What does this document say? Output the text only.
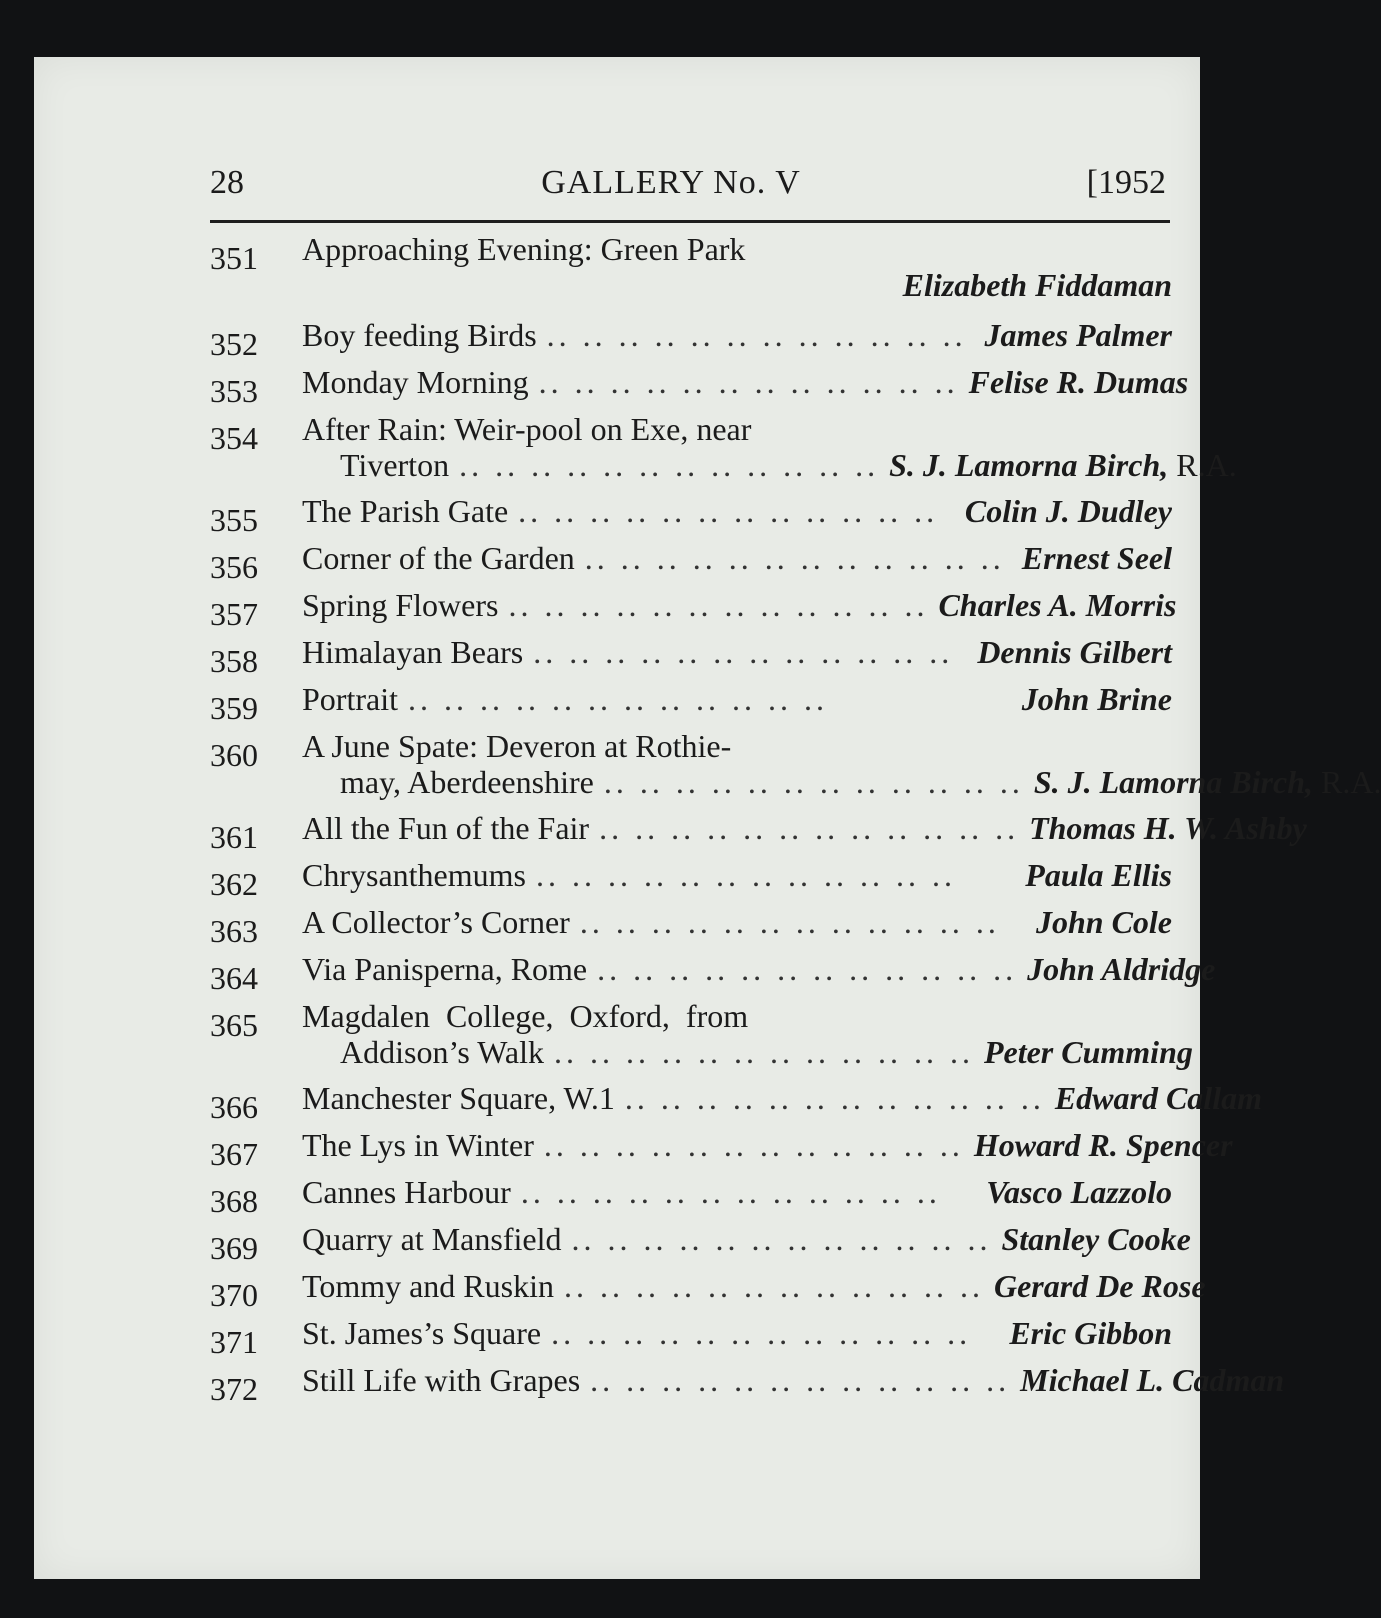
28	GALLERY No. V	[1952
351 Approaching Evening: Green Park
Elizabeth Fiddaman
352 Boy feeding Birds .. .. .. .. .. .. .. .. .. .. .. .. James Palmer
353 Monday Morning .. .. .. .. .. .. .. .. .. .. .. .. Felise R. Dumas
354 After Rain: Weir-pool on Exe, near
Tiverton .. .. .. .. .. .. .. .. .. .. .. .. S. J. Lamorna Birch, R.A.
355 The Parish Gate .. .. .. .. .. .. .. .. .. .. .. .. Colin J. Dudley
356 Corner of the Garden .. .. .. .. .. .. .. .. .. .. .. .. Ernest Seel
357 Spring Flowers .. .. .. .. .. .. .. .. .. .. .. .. Charles A. Morris
358 Himalayan Bears .. .. .. .. .. .. .. .. .. .. .. .. Dennis Gilbert
359 Portrait .. .. .. .. .. .. .. .. .. .. .. ..	John Brine
360 A June Spate: Deveron at Rothie-
may, Aberdeenshire .. .. .. .. .. .. .. .. .. .. .. .. S. J. Lamorna Birch, R.A.
361 All the Fun of the Fair .. .. .. .. .. .. .. .. .. .. .. .. Thomas H. W. Ashby
362 Chrysanthemums .. .. .. .. .. .. .. .. .. .. .. ..	Paula Ellis
363 A Collector’s Corner .. .. .. .. .. .. .. .. .. .. .. ..	John Cole
364 Via Panisperna, Rome .. .. .. .. .. .. .. .. .. .. .. .. John Aldridge
365 Magdalen  College,  Oxford,  from
Addison’s Walk .. .. .. .. .. .. .. .. .. .. .. .. Peter Cumming
366 Manchester Square, W.1 .. .. .. .. .. .. .. .. .. .. .. .. Edward Callam
367 The Lys in Winter .. .. .. .. .. .. .. .. .. .. .. .. Howard R. Spencer
368 Cannes Harbour .. .. .. .. .. .. .. .. .. .. .. ..	Vasco Lazzolo
369 Quarry at Mansfield .. .. .. .. .. .. .. .. .. .. .. .. Stanley Cooke
370 Tommy and Ruskin .. .. .. .. .. .. .. .. .. .. .. .. Gerard De Rose
371 St. James’s Square .. .. .. .. .. .. .. .. .. .. .. ..	Eric Gibbon
372 Still Life with Grapes .. .. .. .. .. .. .. .. .. .. .. .. Michael L. Cadman
